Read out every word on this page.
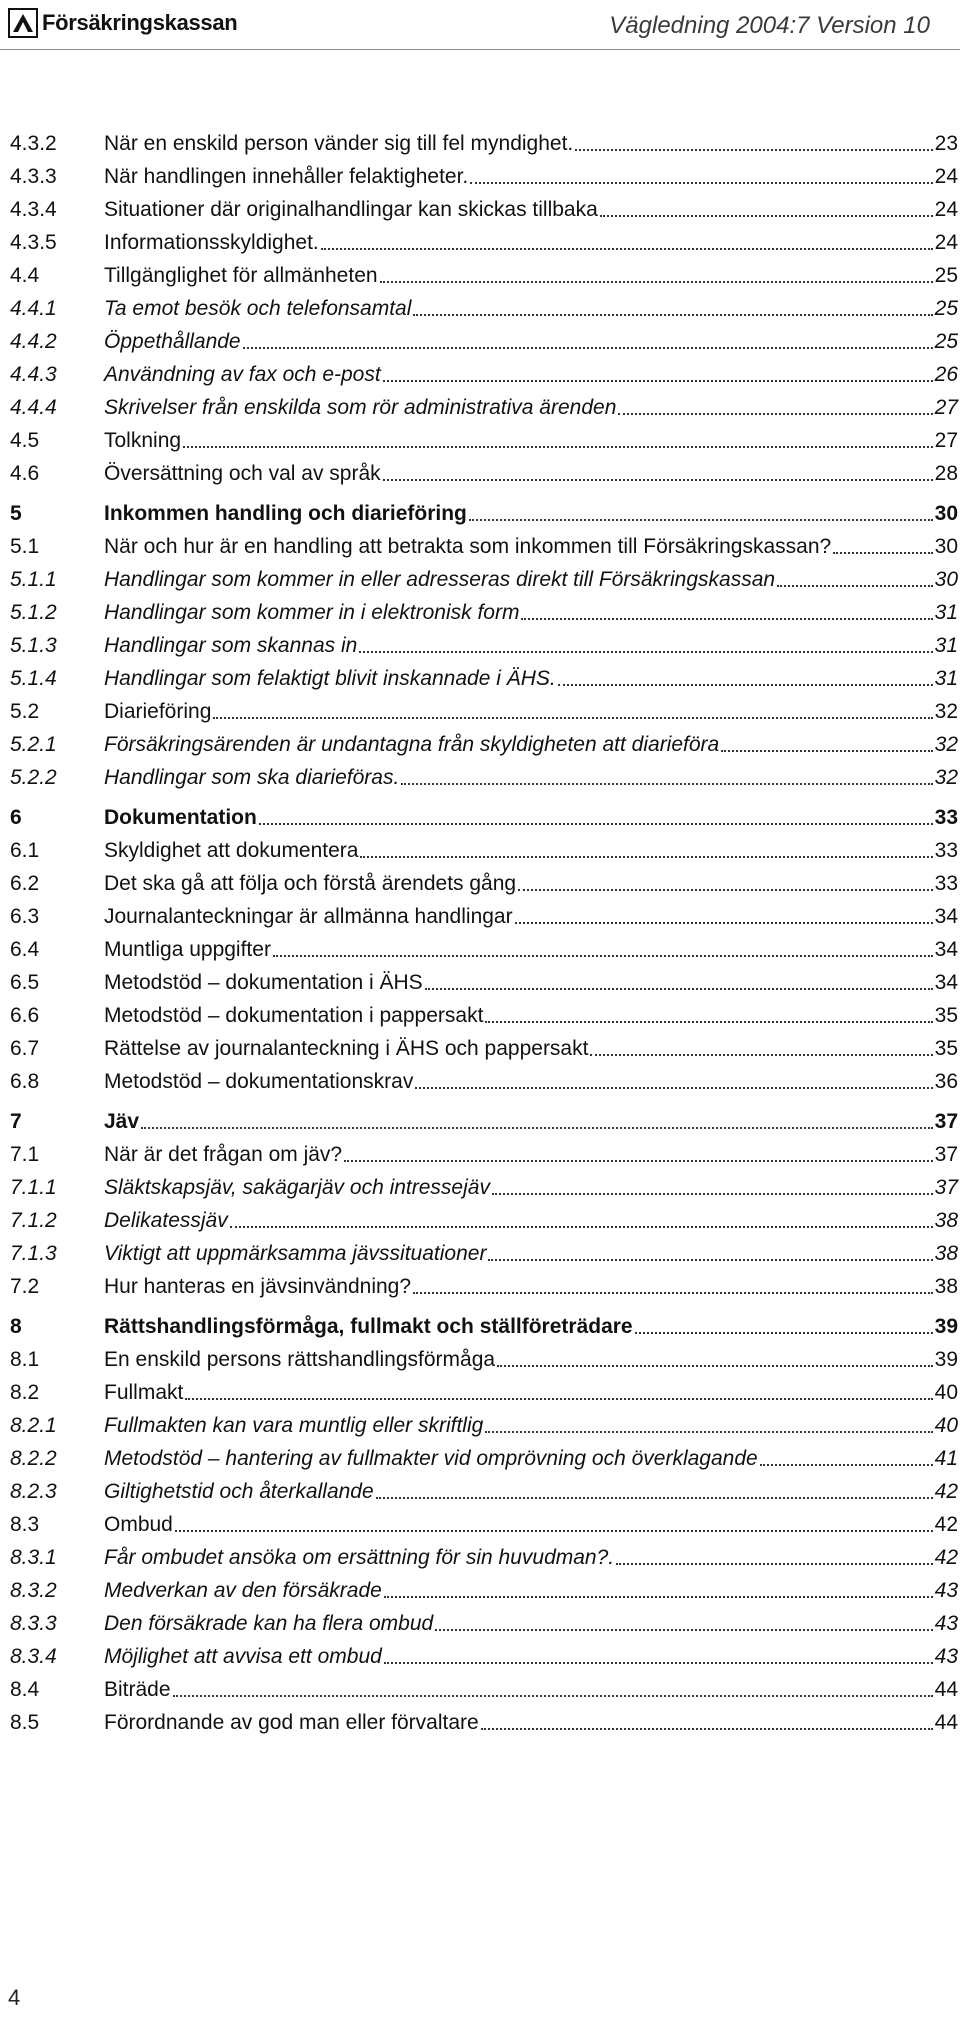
Försäkringskassan	Vägledning 2004:7 Version 10
4.3.2	När en enskild person vänder sig till fel myndighet.	23
4.3.3	När handlingen innehåller felaktigheter.	24
4.3.4	Situationer där originalhandlingar kan skickas tillbaka	24
4.3.5	Informationsskyldighet.	24
4.4	Tillgänglighet för allmänheten	25
4.4.1	Ta emot besök och telefonsamtal	25
4.4.2	Öppethållande	25
4.4.3	Användning av fax och e-post	26
4.4.4	Skrivelser från enskilda som rör administrativa ärenden	27
4.5	Tolkning	27
4.6	Översättning och val av språk	28
5	Inkommen handling och diarieföring	30
5.1	När och hur är en handling att betrakta som inkommen till Försäkringskassan?	30
5.1.1	Handlingar som kommer in eller adresseras direkt till Försäkringskassan	30
5.1.2	Handlingar som kommer in i elektronisk form	31
5.1.3	Handlingar som skannas in	31
5.1.4	Handlingar som felaktigt blivit inskannade i ÄHS.	31
5.2	Diarieföring	32
5.2.1	Försäkringsärenden är undantagna från skyldigheten att diarieföra	32
5.2.2	Handlingar som ska diarieföras.	32
6	Dokumentation	33
6.1	Skyldighet att dokumentera	33
6.2	Det ska gå att följa och förstå ärendets gång	33
6.3	Journalanteckningar är allmänna handlingar	34
6.4	Muntliga uppgifter	34
6.5	Metodstöd – dokumentation i ÄHS	34
6.6	Metodstöd – dokumentation i pappersakt	35
6.7	Rättelse av journalanteckning i ÄHS och pappersakt	35
6.8	Metodstöd – dokumentationskrav	36
7	Jäv	37
7.1	När är det frågan om jäv?	37
7.1.1	Släktskapsjäv, sakägarjäv och intressejäv	37
7.1.2	Delikatessjäv	38
7.1.3	Viktigt att uppmärksamma jävssituationer	38
7.2	Hur hanteras en jävsinvändning?	38
8	Rättshandlingsförmåga, fullmakt och ställföreträdare	39
8.1	En enskild persons rättshandlingsförmåga	39
8.2	Fullmakt	40
8.2.1	Fullmakten kan vara muntlig eller skriftlig	40
8.2.2	Metodstöd – hantering av fullmakter vid omprövning och överklagande	41
8.2.3	Giltighetstid och återkallande	42
8.3	Ombud	42
8.3.1	Får ombudet ansöka om ersättning för sin huvudman?.	42
8.3.2	Medverkan av den försäkrade	43
8.3.3	Den försäkrade kan ha flera ombud	43
8.3.4	Möjlighet att avvisa ett ombud	43
8.4	Biträde	44
8.5	Förordnande av god man eller förvaltare	44
4
